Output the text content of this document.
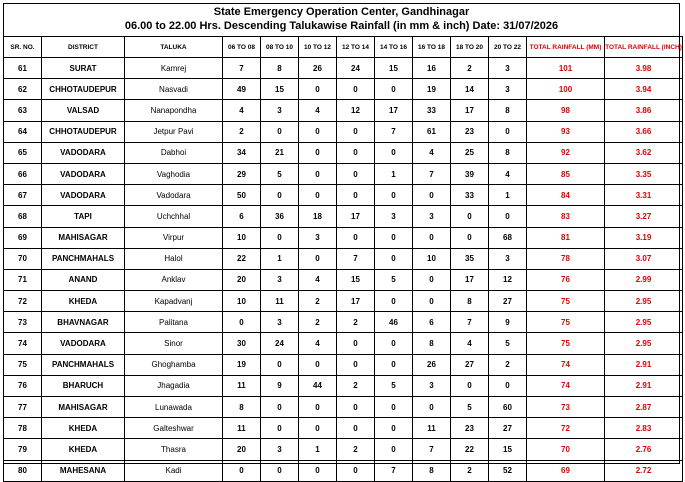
State Emergency Operation Center, Gandhinagar
06.00 to 22.00 Hrs. Descending Talukawise Rainfall (in mm & inch) Date: 31/07/2026
SR. NO.	DISTRICT	TALUKA	06 TO 08	08 TO 10	10 TO 12	12 TO 14	14 TO 16	16 TO 18	18 TO 20	20 TO 22	TOTAL RAINFALL (MM)	TOTAL RAINFALL (INCH)
61	SURAT	Kamrej	7	8	26	24	15	16	2	3	101	3.98
62	CHHOTAUDEPUR	Nasvadi	49	15	0	0	0	19	14	3	100	3.94
63	VALSAD	Nanapondha	4	3	4	12	17	33	17	8	98	3.86
64	CHHOTAUDEPUR	Jetpur Pavi	2	0	0	0	7	61	23	0	93	3.66
65	VADODARA	Dabhoi	34	21	0	0	0	4	25	8	92	3.62
66	VADODARA	Vaghodia	29	5	0	0	1	7	39	4	85	3.35
67	VADODARA	Vadodara	50	0	0	0	0	0	33	1	84	3.31
68	TAPI	Uchchhal	6	36	18	17	3	3	0	0	83	3.27
69	MAHISAGAR	Virpur	10	0	3	0	0	0	0	68	81	3.19
70	PANCHMAHALS	Halol	22	1	0	7	0	10	35	3	78	3.07
71	ANAND	Anklav	20	3	4	15	5	0	17	12	76	2.99
72	KHEDA	Kapadvanj	10	11	2	17	0	0	8	27	75	2.95
73	BHAVNAGAR	Palitana	0	3	2	2	46	6	7	9	75	2.95
74	VADODARA	Sinor	30	24	4	0	0	8	4	5	75	2.95
75	PANCHMAHALS	Ghoghamba	19	0	0	0	0	26	27	2	74	2.91
76	BHARUCH	Jhagadia	11	9	44	2	5	3	0	0	74	2.91
77	MAHISAGAR	Lunawada	8	0	0	0	0	0	5	60	73	2.87
78	KHEDA	Galteshwar	11	0	0	0	0	11	23	27	72	2.83
79	KHEDA	Thasra	20	3	1	2	0	7	22	15	70	2.76
80	MAHESANA	Kadi	0	0	0	0	7	8	2	52	69	2.72
